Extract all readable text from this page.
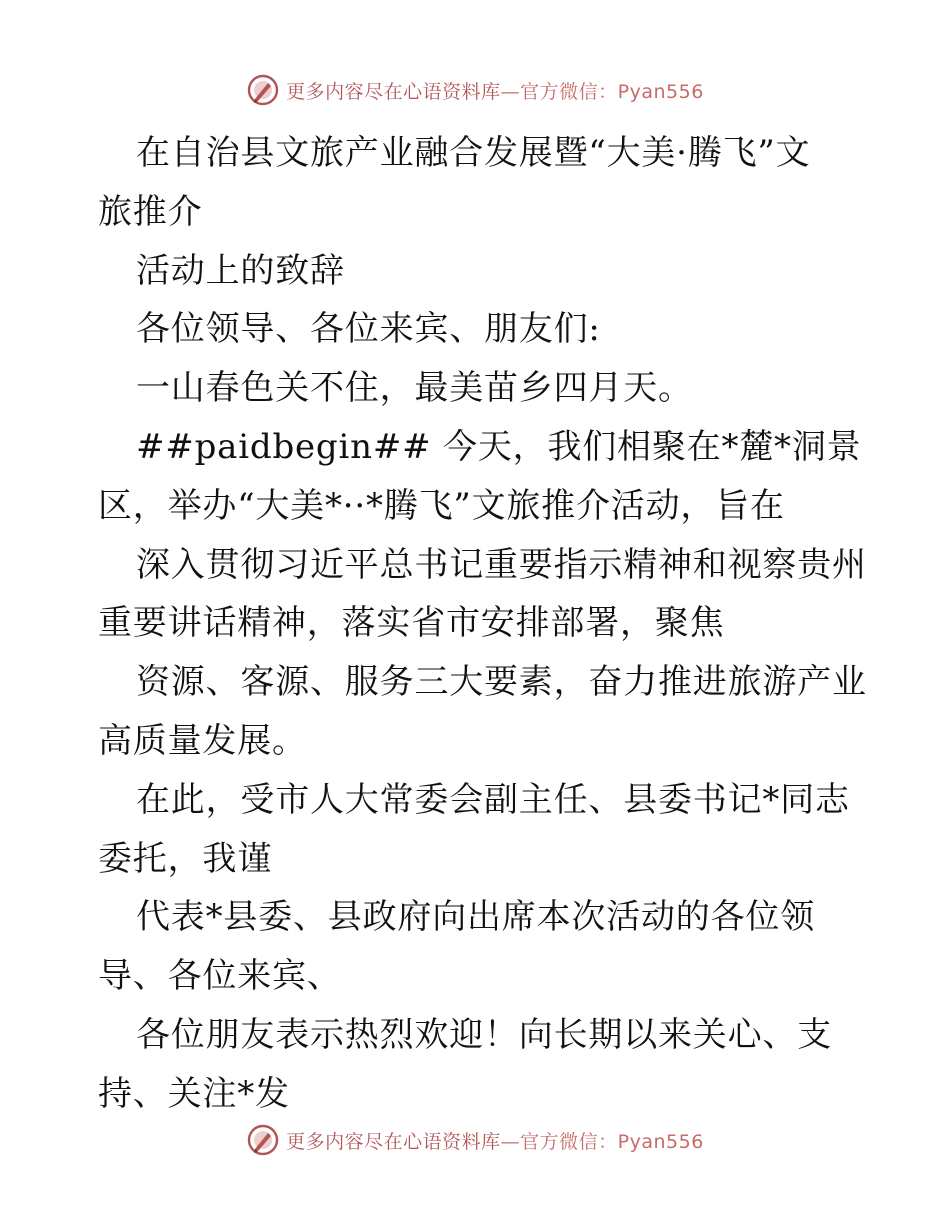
更多内容尽在心语资料库—官方微信：Pyan556
在自治县文旅产业融合发展暨“大美·腾飞”文
旅推介
活动上的致辞
各位领导、各位来宾、朋友们:
一山春色关不住，最美苗乡四月天。
##paidbegin## 今天，我们相聚在*麓*洞景
区，举办“大美*··*腾飞”文旅推介活动，旨在
深入贯彻习近平总书记重要指示精神和视察贵州
重要讲话精神，落实省市安排部署，聚焦
资源、客源、服务三大要素，奋力推进旅游产业
高质量发展。
在此，受市人大常委会副主任、县委书记*同志
委托，我谨
代表*县委、县政府向出席本次活动的各位领
导、各位来宾、
各位朋友表示热烈欢迎！向长期以来关心、支
持、关注*发
更多内容尽在心语资料库—官方微信：Pyan556
